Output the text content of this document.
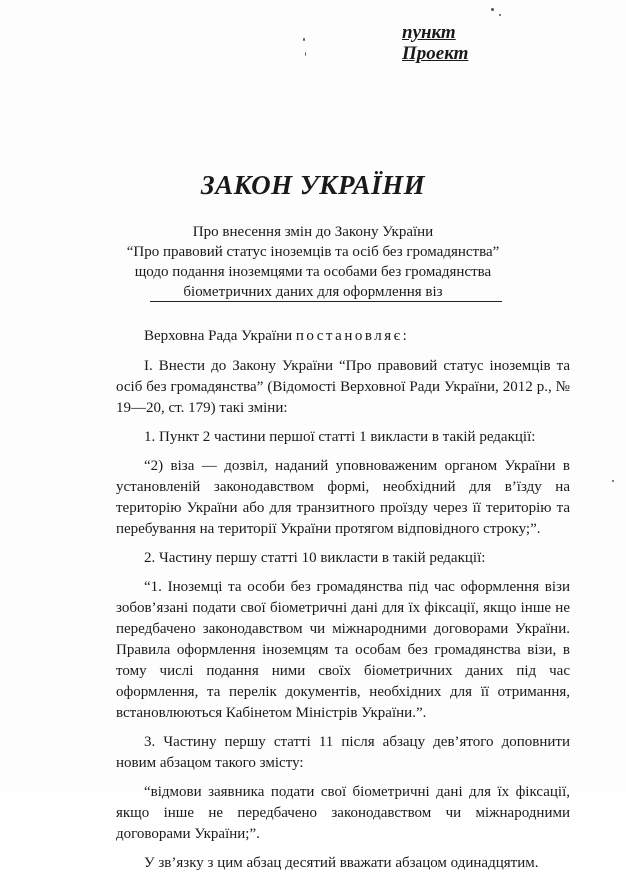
пункт
Проект
ЗАКОН УКРАЇНИ
Про внесення змін до Закону України
“Про правовий статус іноземців та осіб без громадянства”
щодо подання іноземцями та особами без громадянства
біометричних даних для оформлення віз

Верховна Рада України постановляє:

І. Внести до Закону України “Про правовий статус іноземців та осіб без громадянства” (Відомості Верховної Ради України, 2012 р., № 19—20, ст. 179) такі зміни:

1. Пункт 2 частини першої статті 1 викласти в такій редакції:

“2) віза — дозвіл, наданий уповноваженим органом України в установленій законодавством формі, необхідний для в’їзду на територію України або для транзитного проїзду через її територію та перебування на території України протягом відповідного строку;”.

2. Частину першу статті 10 викласти в такій редакції:

“1. Іноземці та особи без громадянства під час оформлення візи зобов’язані подати свої біометричні дані для їх фіксації, якщо інше не передбачено законодавством чи міжнародними договорами України. Правила оформлення іноземцям та особам без громадянства візи, в тому числі подання ними своїх біометричних даних під час оформлення, та перелік документів, необхідних для її отримання, встановлюються Кабінетом Міністрів України.”.

3. Частину першу статті 11 після абзацу дев’ятого доповнити новим абзацом такого змісту:

“відмови заявника подати свої біометричні дані для їх фіксації, якщо інше не передбачено законодавством чи міжнародними договорами України;”.

У зв’язку з цим абзац десятий вважати абзацом одинадцятим.
